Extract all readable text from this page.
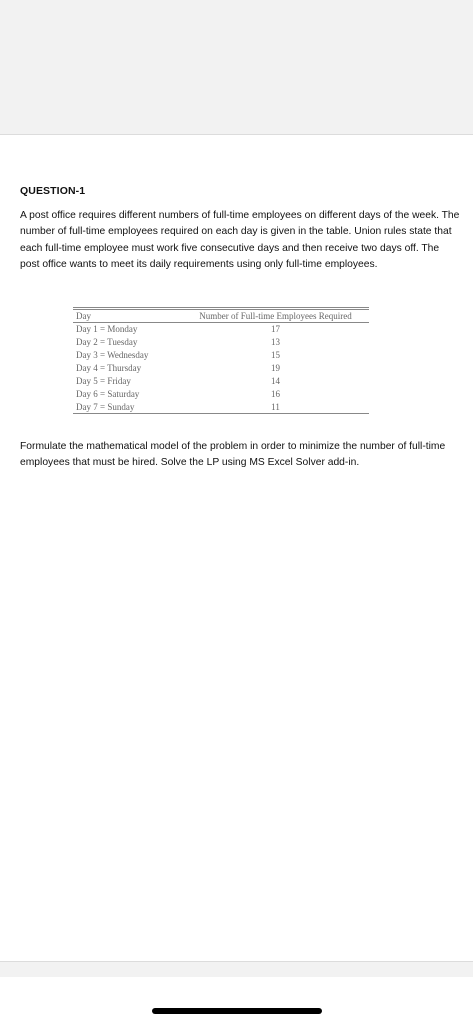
QUESTION-1

A post office requires different numbers of full-time employees on different days of the week. The number of full-time employees required on each day is given in the table. Union rules state that each full-time employee must work five consecutive days and then receive two days off. The post office wants to meet its daily requirements using only full-time employees.

Day	Number of Full-time Employees Required
Day 1 = Monday	17
Day 2 = Tuesday	13
Day 3 = Wednesday	15
Day 4 = Thursday	19
Day 5 = Friday	14
Day 6 = Saturday	16
Day 7 = Sunday	11

Formulate the mathematical model of the problem in order to minimize the number of full-time employees that must be hired. Solve the LP using MS Excel Solver add-in.
